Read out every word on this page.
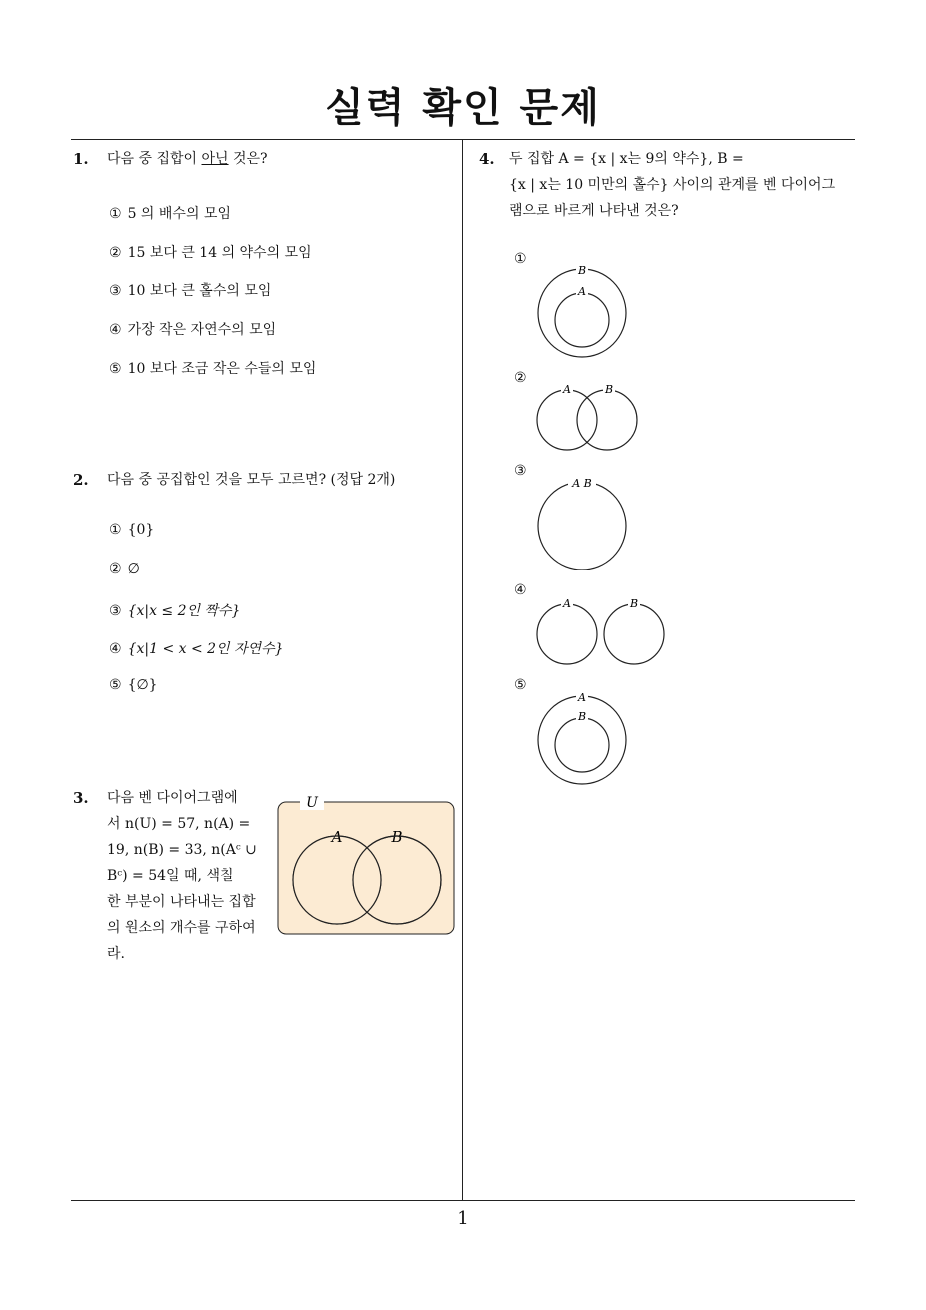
실력 확인 문제
1. 다음 중 집합이 아닌 것은?
① 5 의 배수의 모임
② 15 보다 큰 14 의 약수의 모임
③ 10 보다 큰 홀수의 모임
④ 가장 작은 자연수의 모임
⑤ 10 보다 조금 작은 수들의 모임
2. 다음 중 공집합인 것을 모두 고르면? (정답 2개)
① {0}
② ∅
③ {x|x ≤ 2인 짝수}
④ {x|1 < x < 2인 자연수}
⑤ {∅}
3. 다음 벤 다이어그램에
서 n(U) = 57, n(A) =
19, n(B) = 33, n(Aᶜ ∪
Bᶜ) = 54일 때, 색칠
한 부분이 나타내는 집합
의 원소의 개수를 구하여
라.
U
A	B
4. 두 집합 A = {x | x는 9의 약수}, B =
{x | x는 10 미만의 홀수} 사이의 관계를 벤 다이어그
램으로 바르게 나타낸 것은?
①
B
A
②
A	B
③
A B
④
A	B
⑤
A
B
1
